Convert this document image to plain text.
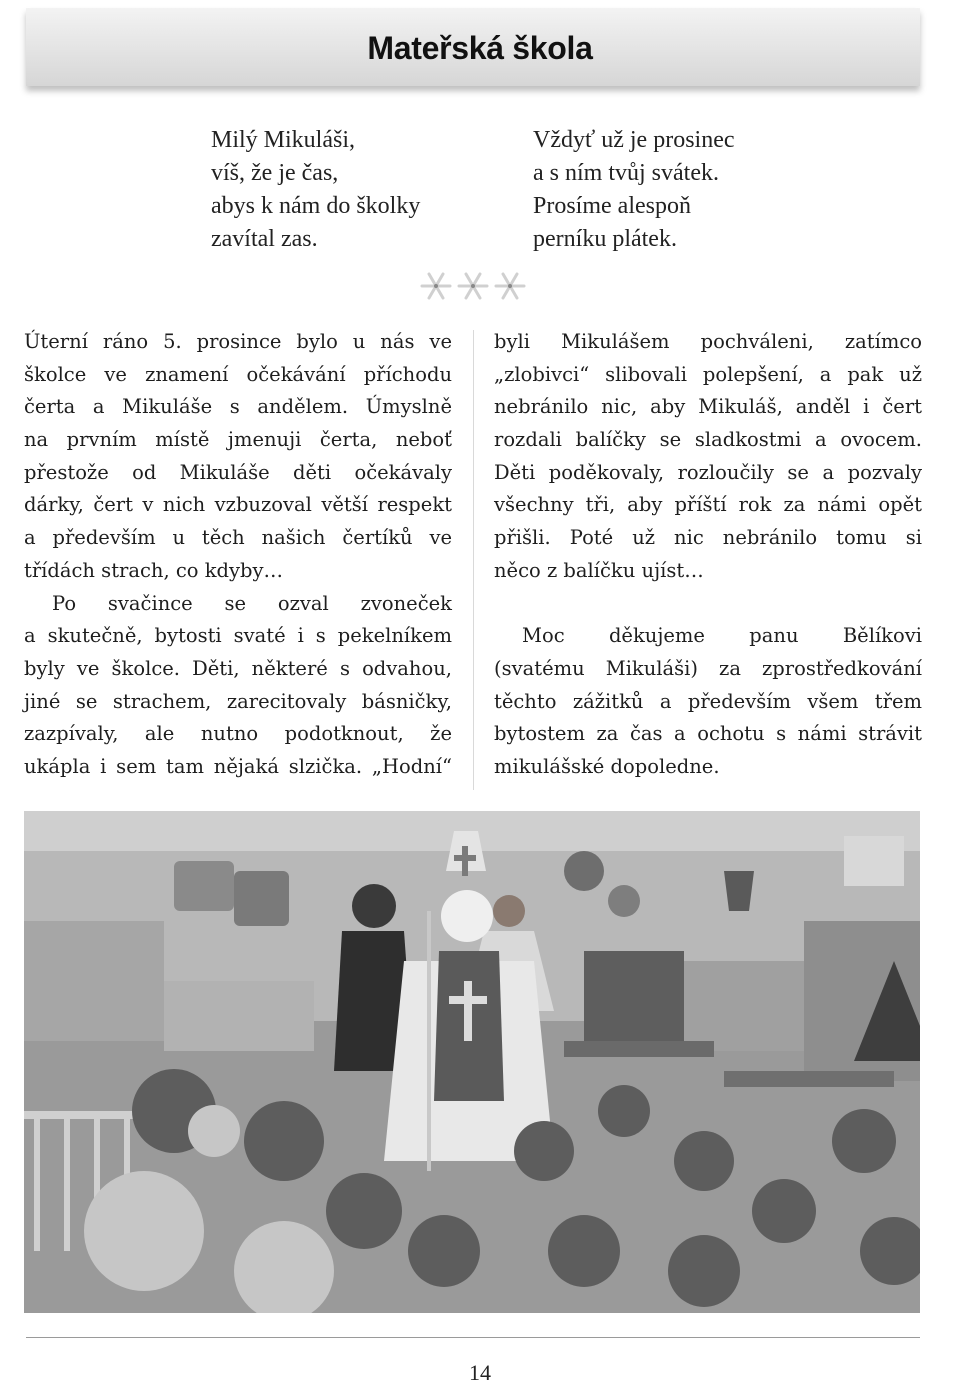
Mateřská škola
Milý Mikuláši,
víš, že je čas,
abys k nám do školky
zavítal zas.
Vždyť už je prosinec
a s ním tvůj svátek.
Prosíme alespoň
perníku plátek.
Úterní ráno 5. prosince bylo u nás ve
školce ve znamení očekávání příchodu
čerta a Mikuláše s andělem. Úmyslně
na prvním místě jmenuji čerta, neboť
přestože od Mikuláše děti očekávaly
dárky, čert v nich vzbuzoval větší respekt
a především u těch našich čertíků ve
třídách strach, co kdyby…
Po svačince se ozval zvoneček
a skutečně, bytosti svaté i s pekelníkem
byly ve školce. Děti, některé s odvahou,
jiné se strachem, zarecitovaly básničky,
zazpívaly, ale nutno podotknout, že
ukápla i sem tam nějaká slzička. „Hodní“
byli Mikulášem pochváleni, zatímco
„zlobivci“ slibovali polepšení, a pak už
nebránilo nic, aby Mikuláš, anděl i čert
rozdali balíčky se sladkostmi a ovocem.
Děti poděkovaly, rozloučily se a pozvaly
všechny tři, aby příští rok za námi opět
přišli. Poté už nic nebránilo tomu si
něco z balíčku ujíst…
Moc děkujeme panu Bělíkovi
(svatému Mikuláši) za zprostředkování
těchto zážitků a především všem třem
bytostem za čas a ochotu s námi strávit
mikulášské dopoledne.
14
